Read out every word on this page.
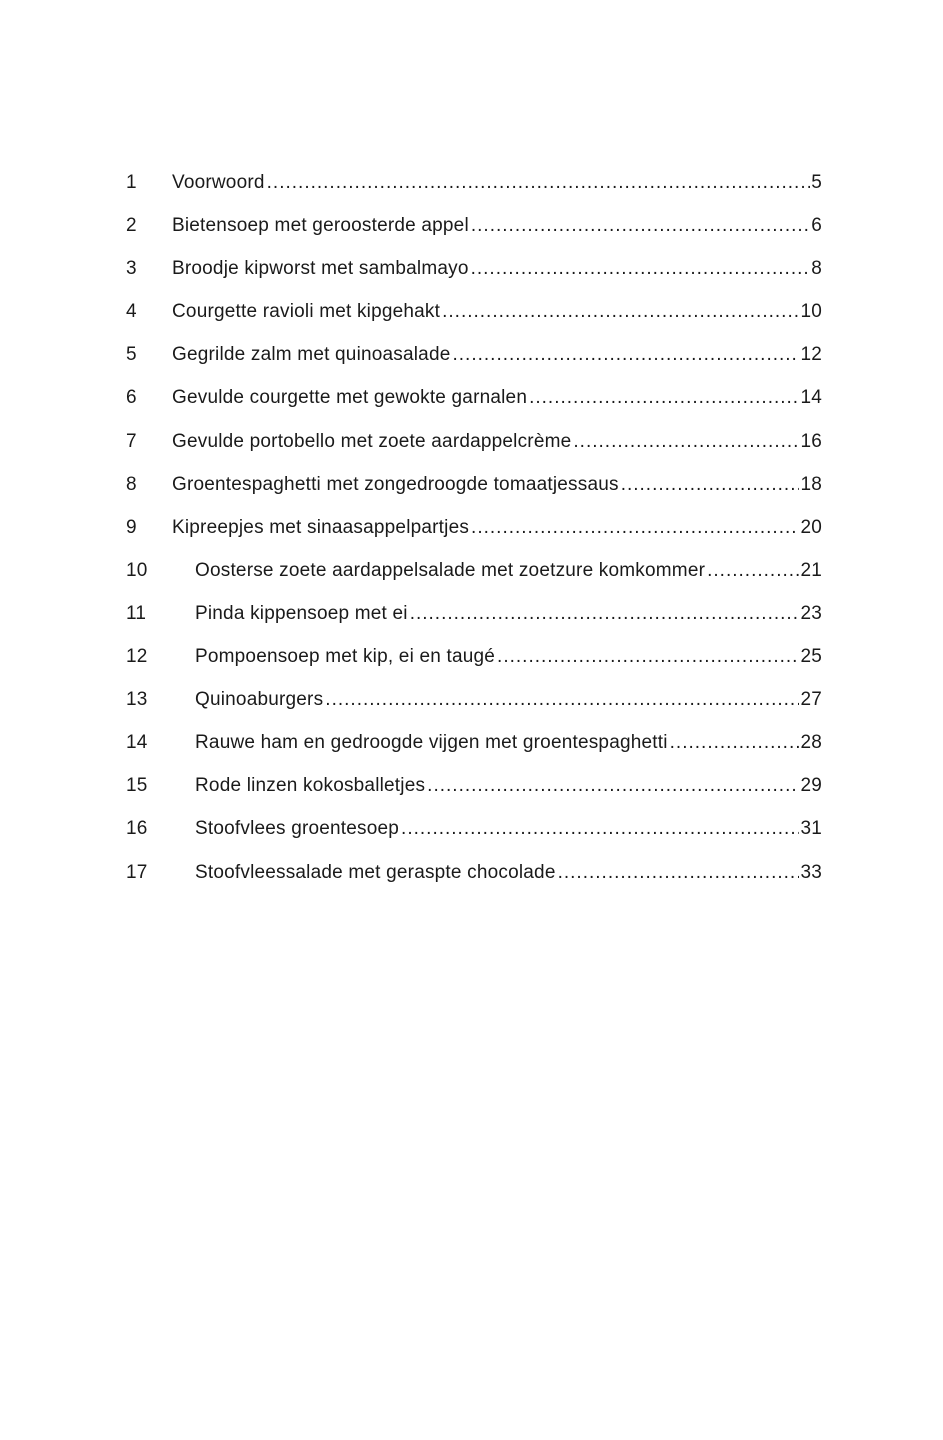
1	Voorwoord .....	5
2	Bietensoep met geroosterde appel .....	6
3	Broodje kipworst met sambalmayo .....	8
4	Courgette ravioli met kipgehakt .....	10
5	Gegrilde zalm met quinoasalade .....	12
6	Gevulde courgette met gewokte garnalen .....	14
7	Gevulde portobello met zoete aardappelcrème .....	16
8	Groentespaghetti met zongedroogde tomaatjessaus .....	18
9	Kipreepjes met sinaasappelpartjes .....	20
10	Oosterse zoete aardappelsalade met zoetzure komkommer .....	21
11	Pinda kippensoep met ei .....	23
12	Pompoensoep met kip, ei en taugé .....	25
13	Quinoaburgers .....	27
14	Rauwe ham en gedroogde vijgen met groentespaghetti .....	28
15	Rode linzen kokosballetjes .....	29
16	Stoofvlees groentesoep .....	31
17	Stoofvleessalade met geraspte chocolade .....	33
